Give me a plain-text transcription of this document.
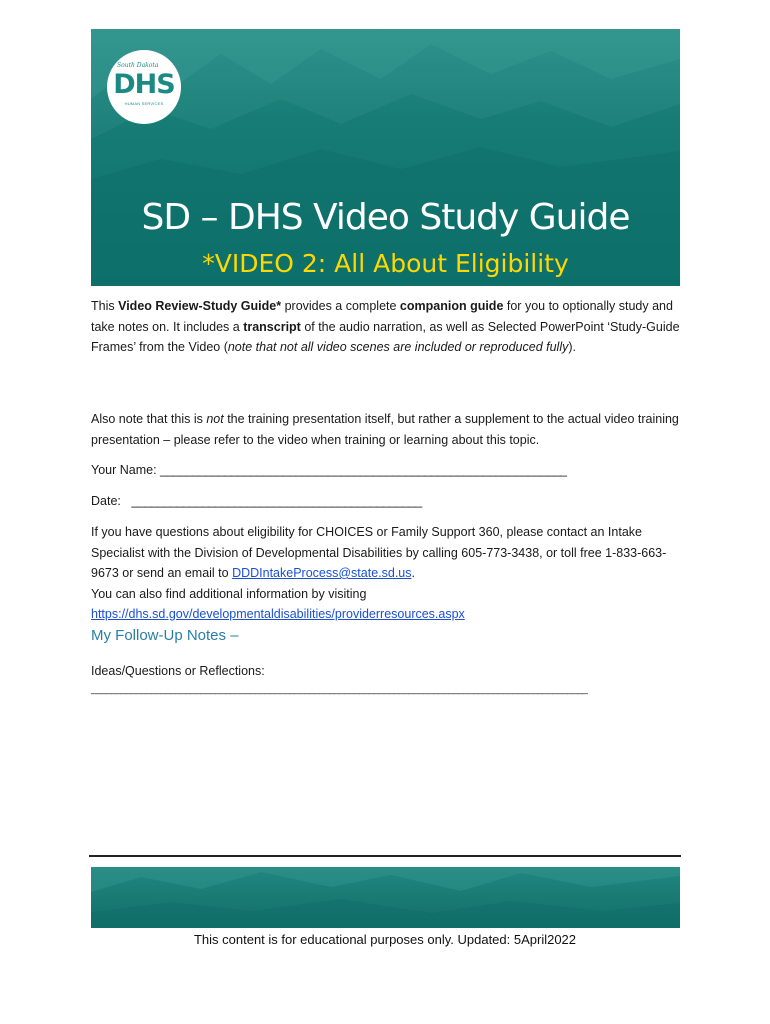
South Dakota
DHS
HUMAN SERVICES
SD – DHS Video Study Guide
*VIDEO 2: All About Eligibility

This Video Review-Study Guide* provides a complete companion guide for you to optionally study and take notes on. It includes a transcript of the audio narration, as well as Selected PowerPoint ‘Study-Guide Frames’ from the Video (note that not all video scenes are included or reproduced fully).

Also note that this is not the training presentation itself, but rather a supplement to the actual video training presentation – please refer to the video when training or learning about this topic.

Your Name: _______________________________________________________________

Date: _____________________________________________

If you have questions about eligibility for CHOICES or Family Support 360, please contact an Intake Specialist with the Division of Developmental Disabilities by calling 605-773-3438, or toll free 1-833-663-9673 or send an email to DDDIntakeProcess@state.sd.us.
You can also find additional information by visiting
https://dhs.sd.gov/developmentaldisabilities/providerresources.aspx

My Follow-Up Notes –

Ideas/Questions or Reflections:

____________________________________________________________________________________________________

This content is for educational purposes only. Updated: 5April2022
